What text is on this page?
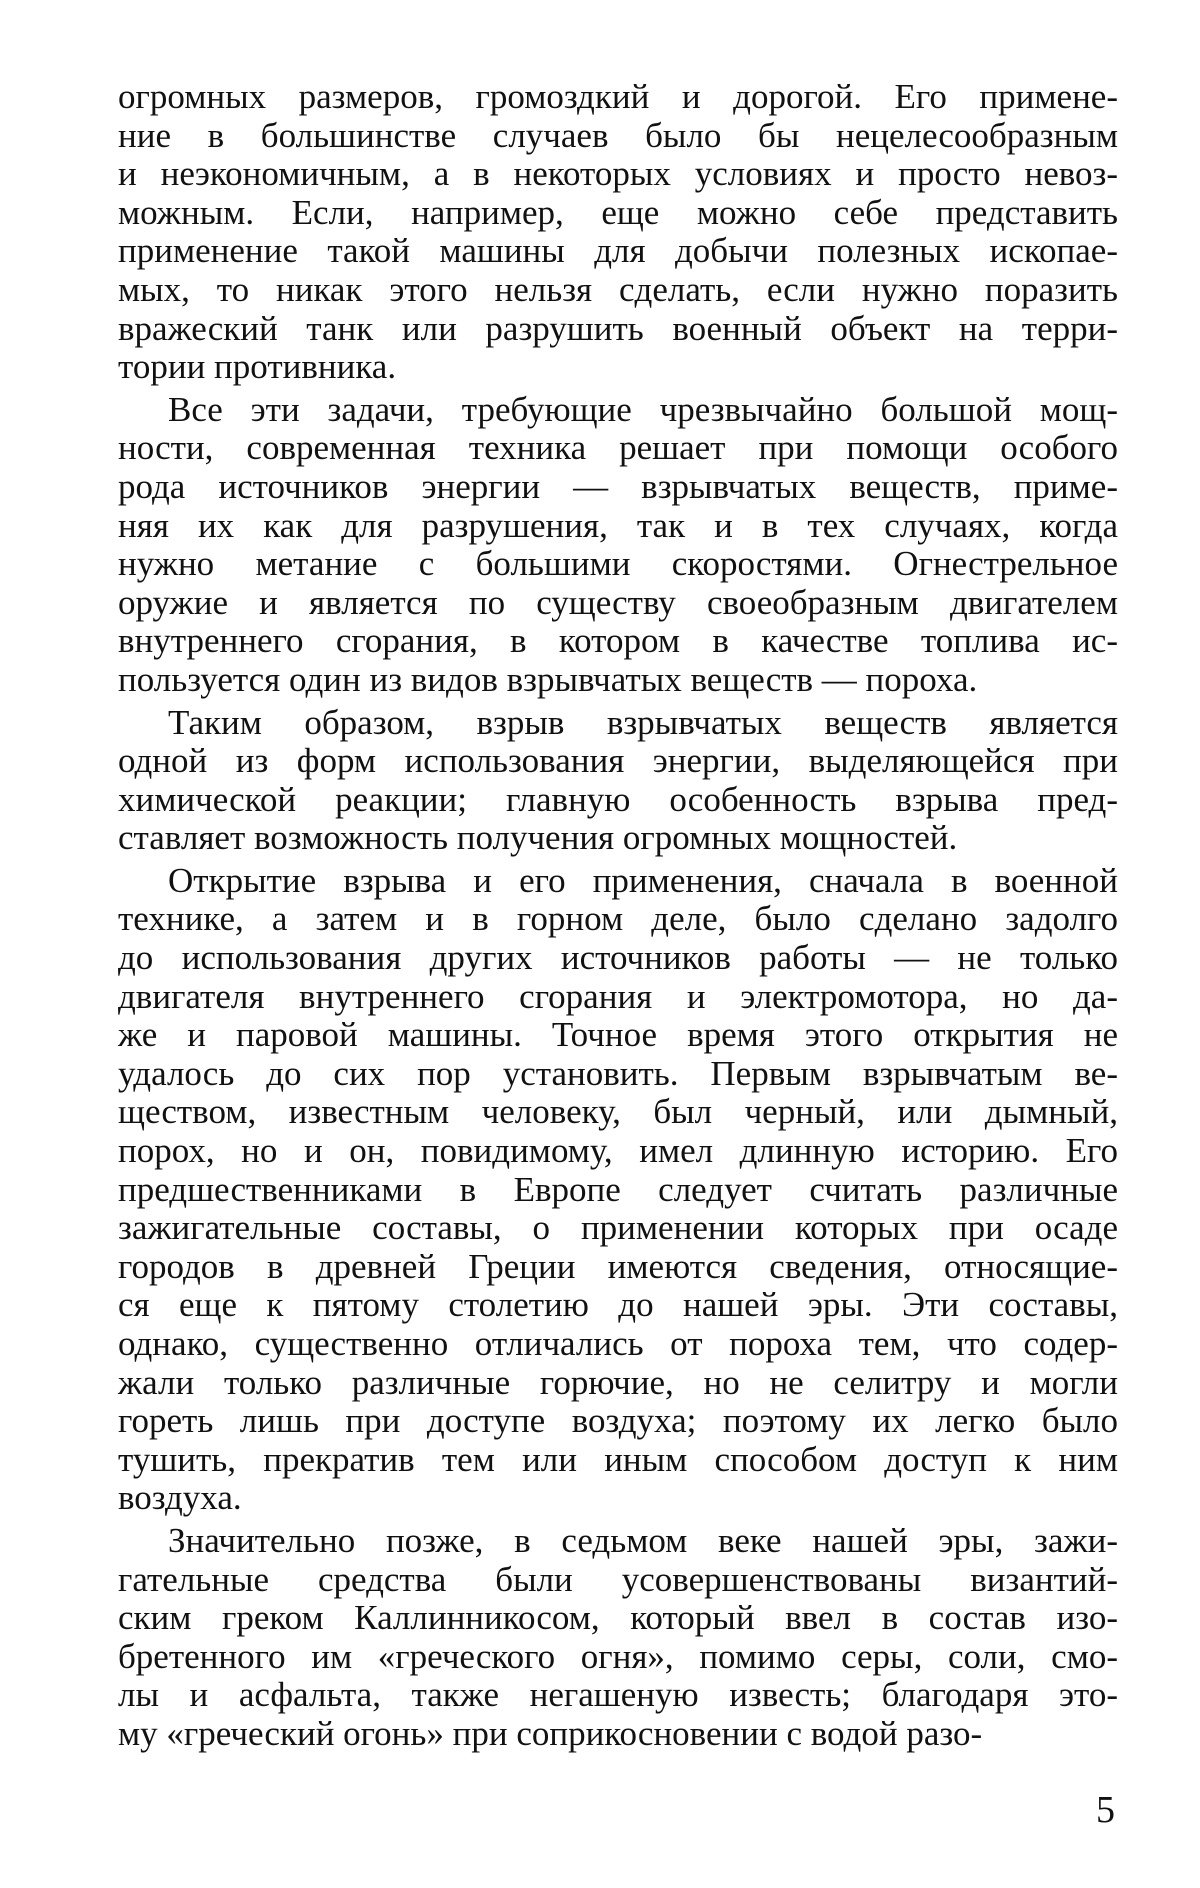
огромных размеров, громоздкий и дорогой. Его примене-
ние в большинстве случаев было бы нецелесообразным
и неэкономичным, а в некоторых условиях и просто невоз-
можным. Если, например, еще можно себе представить
применение такой машины для добычи полезных ископае-
мых, то никак этого нельзя сделать, если нужно поразить
вражеский танк или разрушить военный объект на терри-
тории противника.
Все эти задачи, требующие чрезвычайно большой мощ-
ности, современная техника решает при помощи особого
рода источников энергии — взрывчатых веществ, приме-
няя их как для разрушения, так и в тех случаях, когда
нужно метание с большими скоростями. Огнестрельное
оружие и является по существу своеобразным двигателем
внутреннего сгорания, в котором в качестве топлива ис-
пользуется один из видов взрывчатых веществ — пороха.
Таким образом, взрыв взрывчатых веществ является
одной из форм использования энергии, выделяющейся при
химической реакции; главную особенность взрыва пред-
ставляет возможность получения огромных мощностей.
Открытие взрыва и его применения, сначала в военной
технике, а затем и в горном деле, было сделано задолго
до использования других источников работы — не только
двигателя внутреннего сгорания и электромотора, но да-
же и паровой машины. Точное время этого открытия не
удалось до сих пор установить. Первым взрывчатым ве-
ществом, известным человеку, был черный, или дымный,
порох, но и он, повидимому, имел длинную историю. Его
предшественниками в Европе следует считать различные
зажигательные составы, о применении которых при осаде
городов в древней Греции имеются сведения, относящие-
ся еще к пятому столетию до нашей эры. Эти составы,
однако, существенно отличались от пороха тем, что содер-
жали только различные горючие, но не селитру и могли
гореть лишь при доступе воздуха; поэтому их легко было
тушить, прекратив тем или иным способом доступ к ним
воздуха.
Значительно позже, в седьмом веке нашей эры, зажи-
гательные средства были усовершенствованы византий-
ским греком Каллинникосом, который ввел в состав изо-
бретенного им «греческого огня», помимо серы, соли, смо-
лы и асфальта, также негашеную известь; благодаря это-
му «греческий огонь» при соприкосновении с водой разо-
5
